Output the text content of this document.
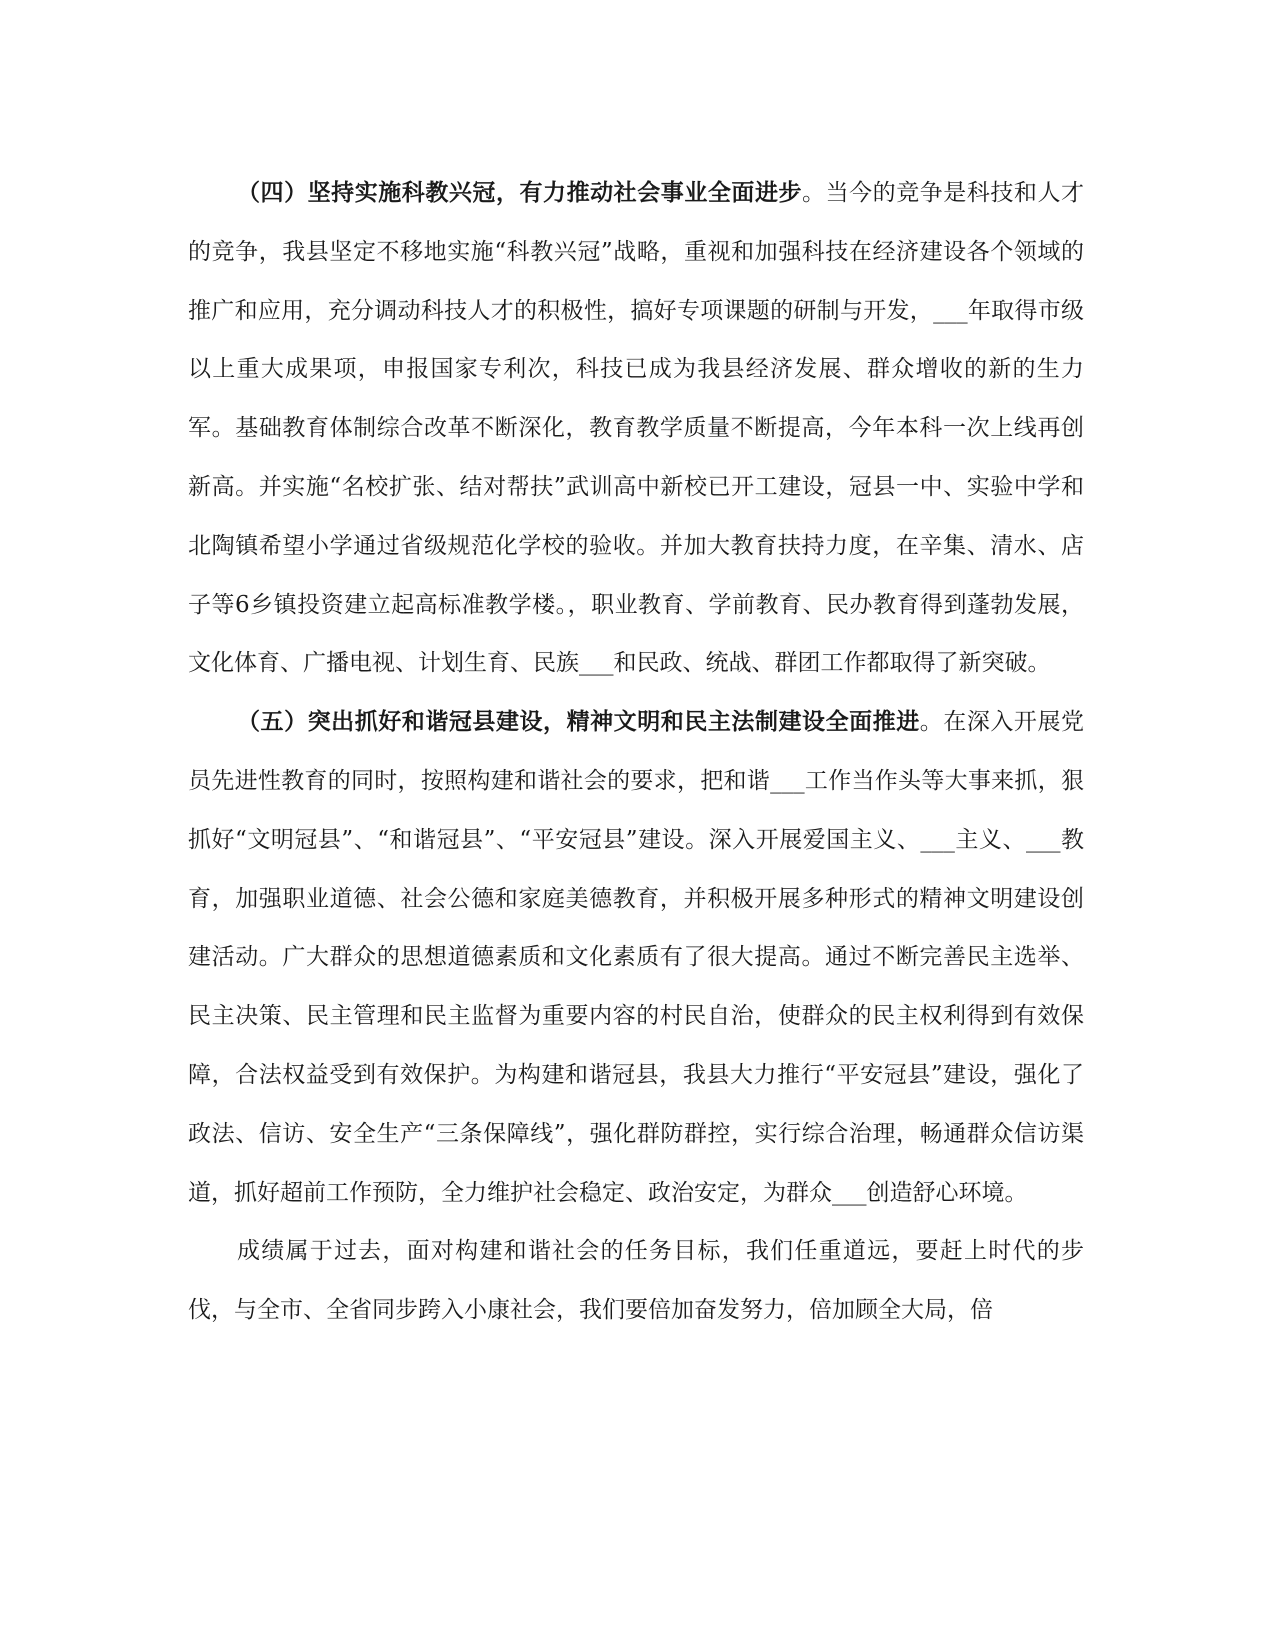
（四）坚持实施科教兴冠，有力推动社会事业全面进步。当今的竞争是科技和人才的竞争，我县坚定不移地实施“科教兴冠”战略，重视和加强科技在经济建设各个领域的推广和应用，充分调动科技人才的积极性，搞好专项课题的研制与开发，___年取得市级以上重大成果项，申报国家专利次，科技已成为我县经济发展、群众增收的新的生力军。基础教育体制综合改革不断深化，教育教学质量不断提高，今年本科一次上线再创新高。并实施“名校扩张、结对帮扶”武训高中新校已开工建设，冠县一中、实验中学和北陶镇希望小学通过省级规范化学校的验收。并加大教育扶持力度，在辛集、清水、店子等6乡镇投资建立起高标准教学楼。，职业教育、学前教育、民办教育得到蓬勃发展，文化体育、广播电视、计划生育、民族___和民政、统战、群团工作都取得了新突破。

（五）突出抓好和谐冠县建设，精神文明和民主法制建设全面推进。在深入开展党员先进性教育的同时，按照构建和谐社会的要求，把和谐___工作当作头等大事来抓，狠抓好“文明冠县”、“和谐冠县”、“平安冠县”建设。深入开展爱国主义、___主义、___教育，加强职业道德、社会公德和家庭美德教育，并积极开展多种形式的精神文明建设创建活动。广大群众的思想道德素质和文化素质有了很大提高。通过不断完善民主选举、民主决策、民主管理和民主监督为重要内容的村民自治，使群众的民主权利得到有效保障，合法权益受到有效保护。为构建和谐冠县，我县大力推行“平安冠县”建设，强化了政法、信访、安全生产“三条保障线”，强化群防群控，实行综合治理，畅通群众信访渠道，抓好超前工作预防，全力维护社会稳定、政治安定，为群众___创造舒心环境。

成绩属于过去，面对构建和谐社会的任务目标，我们任重道远，要赶上时代的步伐，与全市、全省同步跨入小康社会，我们要倍加奋发努力，倍加顾全大局，倍
